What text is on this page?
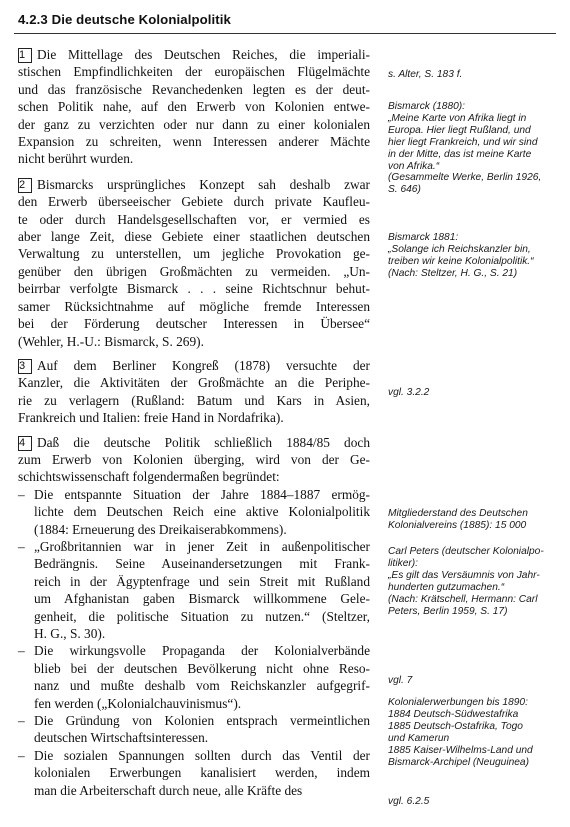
4.2.3 Die deutsche Kolonialpolitik
1 Die Mittellage des Deutschen Reiches, die imperiali-
stischen Empfindlichkeiten der europäischen Flügelmächte
und das französische Revanchedenken legten es der deut-
schen Politik nahe, auf den Erwerb von Kolonien entwe-
der ganz zu verzichten oder nur dann zu einer kolonialen
Expansion zu schreiten, wenn Interessen anderer Mächte
nicht berührt wurden.
2 Bismarcks ursprüngliches Konzept sah deshalb zwar
den Erwerb überseeischer Gebiete durch private Kaufleu-
te oder durch Handelsgesellschaften vor, er vermied es
aber lange Zeit, diese Gebiete einer staatlichen deutschen
Verwaltung zu unterstellen, um jegliche Provokation ge-
genüber den übrigen Großmächten zu vermeiden. „Un-
beirrbar verfolgte Bismarck . . . seine Richtschnur behut-
samer Rücksichtnahme auf mögliche fremde Interessen
bei der Förderung deutscher Interessen in Übersee“
(Wehler, H.-U.: Bismarck, S. 269).
3 Auf dem Berliner Kongreß (1878) versuchte der
Kanzler, die Aktivitäten der Großmächte an die Periphe-
rie zu verlagern (Rußland: Batum und Kars in Asien,
Frankreich und Italien: freie Hand in Nordafrika).
4 Daß die deutsche Politik schließlich 1884/85 doch
zum Erwerb von Kolonien überging, wird von der Ge-
schichtswissenschaft folgendermaßen begründet:
– Die entspannte Situation der Jahre 1884–1887 ermög-
lichte dem Deutschen Reich eine aktive Kolonialpolitik
(1884: Erneuerung des Dreikaiserabkommens).
– „Großbritannien war in jener Zeit in außenpolitischer
Bedrängnis. Seine Auseinandersetzungen mit Frank-
reich in der Ägyptenfrage und sein Streit mit Rußland
um Afghanistan gaben Bismarck willkommene Gele-
genheit, die politische Situation zu nutzen.“ (Steltzer,
H. G., S. 30).
– Die wirkungsvolle Propaganda der Kolonialverbände
blieb bei der deutschen Bevölkerung nicht ohne Reso-
nanz und mußte deshalb vom Reichskanzler aufgegrif-
fen werden („Kolonialchauvinismus“).
– Die Gründung von Kolonien entsprach vermeintlichen
deutschen Wirtschaftsinteressen.
– Die sozialen Spannungen sollten durch das Ventil der
kolonialen Erwerbungen kanalisiert werden, indem
man die Arbeiterschaft durch neue, alle Kräfte des
s. Alter, S. 183 f.
Bismarck (1880):
„Meine Karte von Afrika liegt in
Europa. Hier liegt Rußland, und
hier liegt Frankreich, und wir sind
in der Mitte, das ist meine Karte
von Afrika.“
(Gesammelte Werke, Berlin 1926,
S. 646)
Bismarck 1881:
„Solange ich Reichskanzler bin,
treiben wir keine Kolonialpolitik.“
(Nach: Steltzer, H. G., S. 21)
vgl. 3.2.2
Mitgliederstand des Deutschen
Kolonialvereins (1885): 15 000
Carl Peters (deutscher Kolonialpo-
litiker):
„Es gilt das Versäumnis von Jahr-
hunderten gutzumachen.“
(Nach: Krätschell, Hermann: Carl
Peters, Berlin 1959, S. 17)
vgl. 7
Kolonialerwerbungen bis 1890:
1884 Deutsch-Südwestafrika
1885 Deutsch-Ostafrika, Togo
und Kamerun
1885 Kaiser-Wilhelms-Land und
Bismarck-Archipel (Neuguinea)
vgl. 6.2.5
